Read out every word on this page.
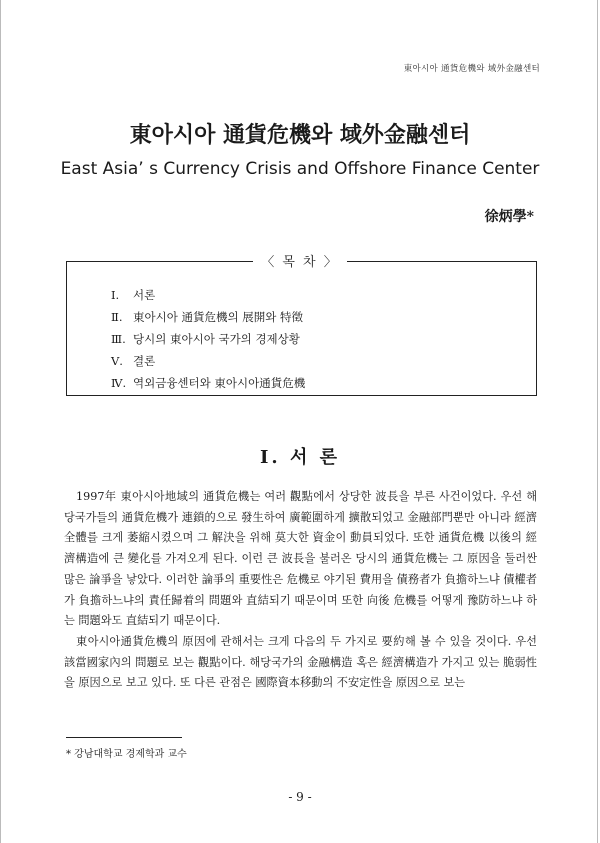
東아시아 通貨危機와 域外金融센터
東아시아 通貨危機와 域外金融센터
East Asia’ s Currency Crisis and Offshore Finance Center
徐炳學*
〈 목 차 〉
Ⅰ. 서론
Ⅱ. 東아시아 通貨危機의 展開와 特徵
Ⅲ. 당시의 東아시아 국가의 경제상황
Ⅴ. 결론
Ⅳ. 역외금융센터와 東아시아通貨危機
Ⅰ. 서 론

1997年 東아시아地域의 通貨危機는 여러 觀點에서 상당한 波長을 부른 사건이었다. 우선 해당국가들의 通貨危機가 連鎖的으로 發生하여 廣範圍하게 擴散되었고 金融部門뿐만 아니라 經濟全體를 크게 萎縮시켰으며 그 解決을 위해 莫大한 資金이 動員되었다. 또한 通貨危機 以後의 經濟構造에 큰 變化를 가져오게 된다. 이런 큰 波長을 불러온 당시의 通貨危機는 그 原因을 둘러싼 많은 論爭을 낳았다. 이러한 論爭의 重要性은 危機로 야기된 費用을 債務者가 負擔하느냐 債權者가 負擔하느냐의 責任歸着의 問題와 直結되기 때문이며 또한 向後 危機를 어떻게 豫防하느냐 하는 問題와도 直結되기 때문이다.

東아시아通貨危機의 原因에 관해서는 크게 다음의 두 가지로 要約해 볼 수 있을 것이다. 우선 該當國家內의 問題로 보는 觀點이다. 해당국가의 金融構造 혹은 經濟構造가 가지고 있는 脆弱性을 原因으로 보고 있다. 또 다른 관점은 國際資本移動의 不安定性을 原因으로 보는

* 강남대학교 경제학과 교수
- 9 -
